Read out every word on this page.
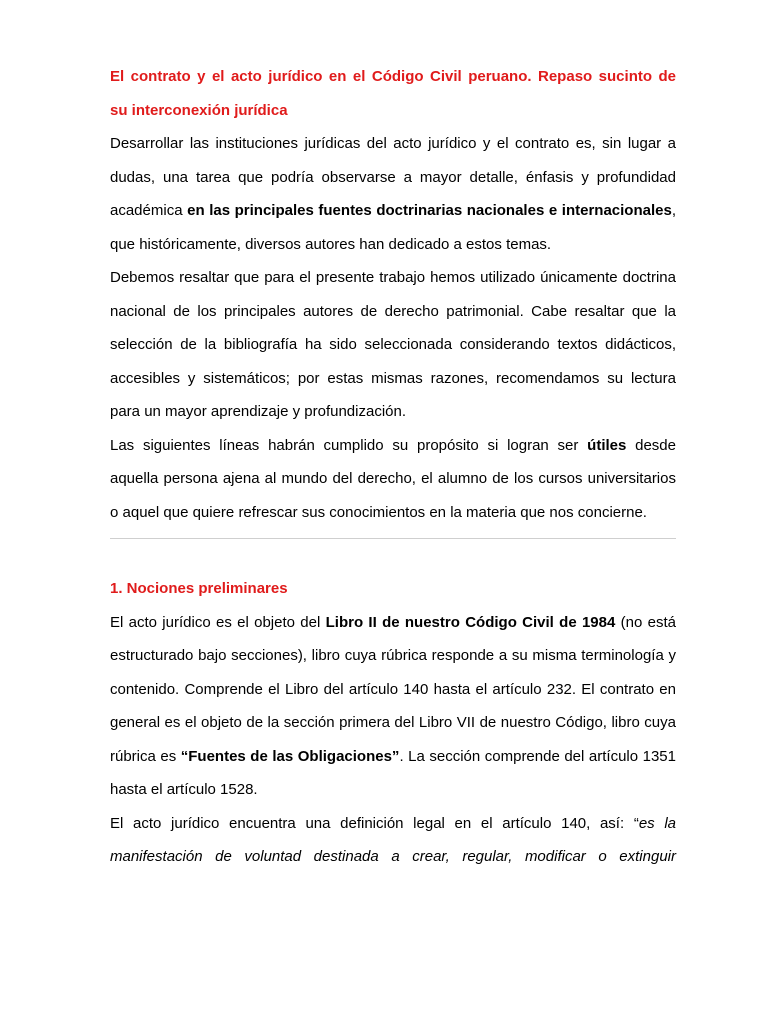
El contrato y el acto jurídico en el Código Civil peruano. Repaso sucinto de
su interconexión jurídica

Desarrollar las instituciones jurídicas del acto jurídico y el contrato es, sin lugar a dudas, una tarea que podría observarse a mayor detalle, énfasis y profundidad académica en las principales fuentes doctrinarias nacionales e internacionales, que históricamente, diversos autores han dedicado a estos temas.

Debemos resaltar que para el presente trabajo hemos utilizado únicamente doctrina nacional de los principales autores de derecho patrimonial. Cabe resaltar que la selección de la bibliografía ha sido seleccionada considerando textos didácticos, accesibles y sistemáticos; por estas mismas razones, recomendamos su lectura para un mayor aprendizaje y profundización.

Las siguientes líneas habrán cumplido su propósito si logran ser útiles desde aquella persona ajena al mundo del derecho, el alumno de los cursos universitarios o aquel que quiere refrescar sus conocimientos en la materia que nos concierne.

1. Nociones preliminares

El acto jurídico es el objeto del Libro II de nuestro Código Civil de 1984 (no está estructurado bajo secciones), libro cuya rúbrica responde a su misma terminología y contenido. Comprende el Libro del artículo 140 hasta el artículo 232. El contrato en general es el objeto de la sección primera del Libro VII de nuestro Código, libro cuya rúbrica es “Fuentes de las Obligaciones”. La sección comprende del artículo 1351 hasta el artículo 1528.

El acto jurídico encuentra una definición legal en el artículo 140, así: “es la manifestación de voluntad destinada a crear, regular, modificar o extinguir
